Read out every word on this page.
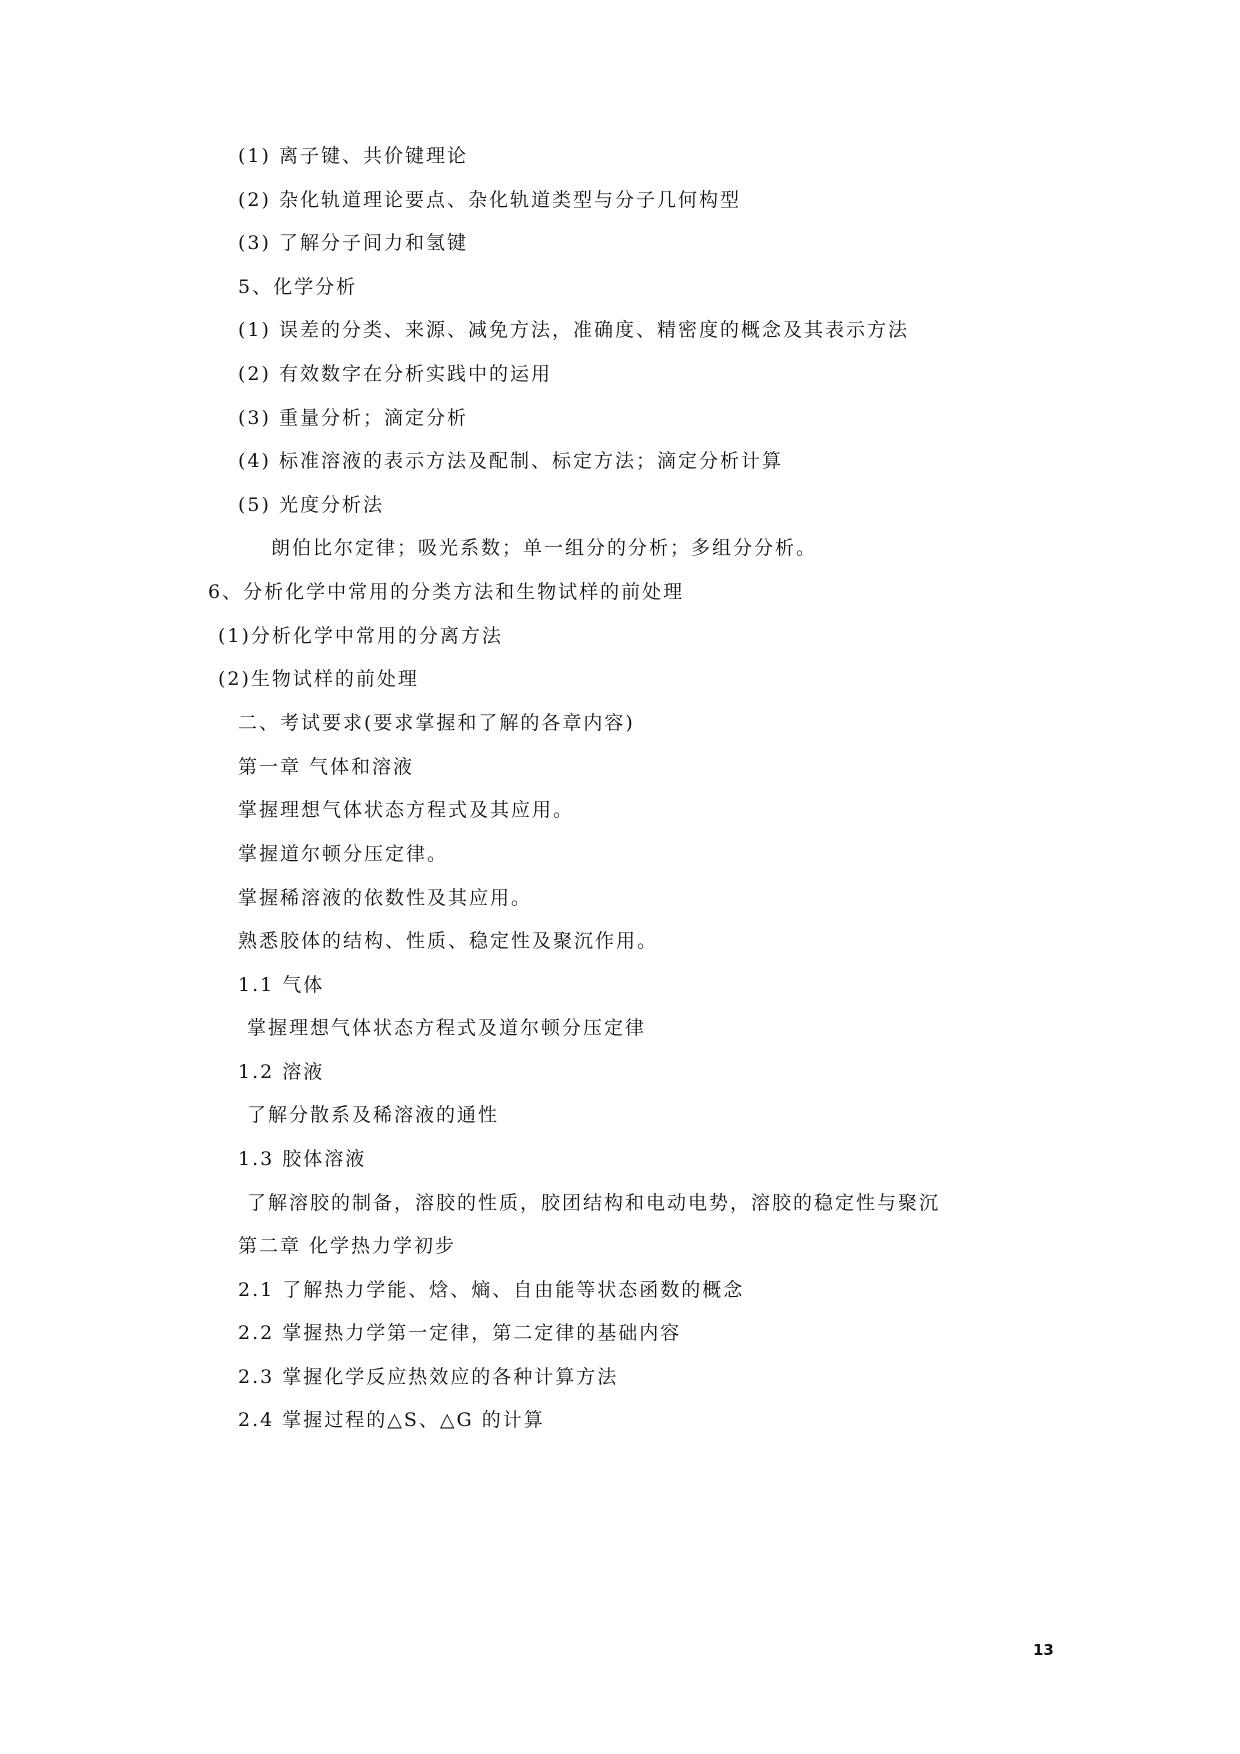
(1) 离子键、共价键理论
(2) 杂化轨道理论要点、杂化轨道类型与分子几何构型
(3) 了解分子间力和氢键
5、化学分析
(1) 误差的分类、来源、减免方法，准确度、精密度的概念及其表示方法
(2) 有效数字在分析实践中的运用
(3) 重量分析；滴定分析
(4) 标准溶液的表示方法及配制、标定方法；滴定分析计算
(5) 光度分析法
朗伯比尔定律；吸光系数；单一组分的分析；多组分分析。
6、分析化学中常用的分类方法和生物试样的前处理
(1)分析化学中常用的分离方法
(2)生物试样的前处理
二、考试要求(要求掌握和了解的各章内容)
第一章 气体和溶液
掌握理想气体状态方程式及其应用。
掌握道尔顿分压定律。
掌握稀溶液的依数性及其应用。
熟悉胶体的结构、性质、稳定性及聚沉作用。
1.1 气体
掌握理想气体状态方程式及道尔顿分压定律
1.2 溶液
了解分散系及稀溶液的通性
1.3 胶体溶液
了解溶胶的制备，溶胶的性质，胶团结构和电动电势，溶胶的稳定性与聚沉
第二章 化学热力学初步
2.1 了解热力学能、焓、熵、自由能等状态函数的概念
2.2 掌握热力学第一定律，第二定律的基础内容
2.3 掌握化学反应热效应的各种计算方法
2.4 掌握过程的△S、△G 的计算
13
